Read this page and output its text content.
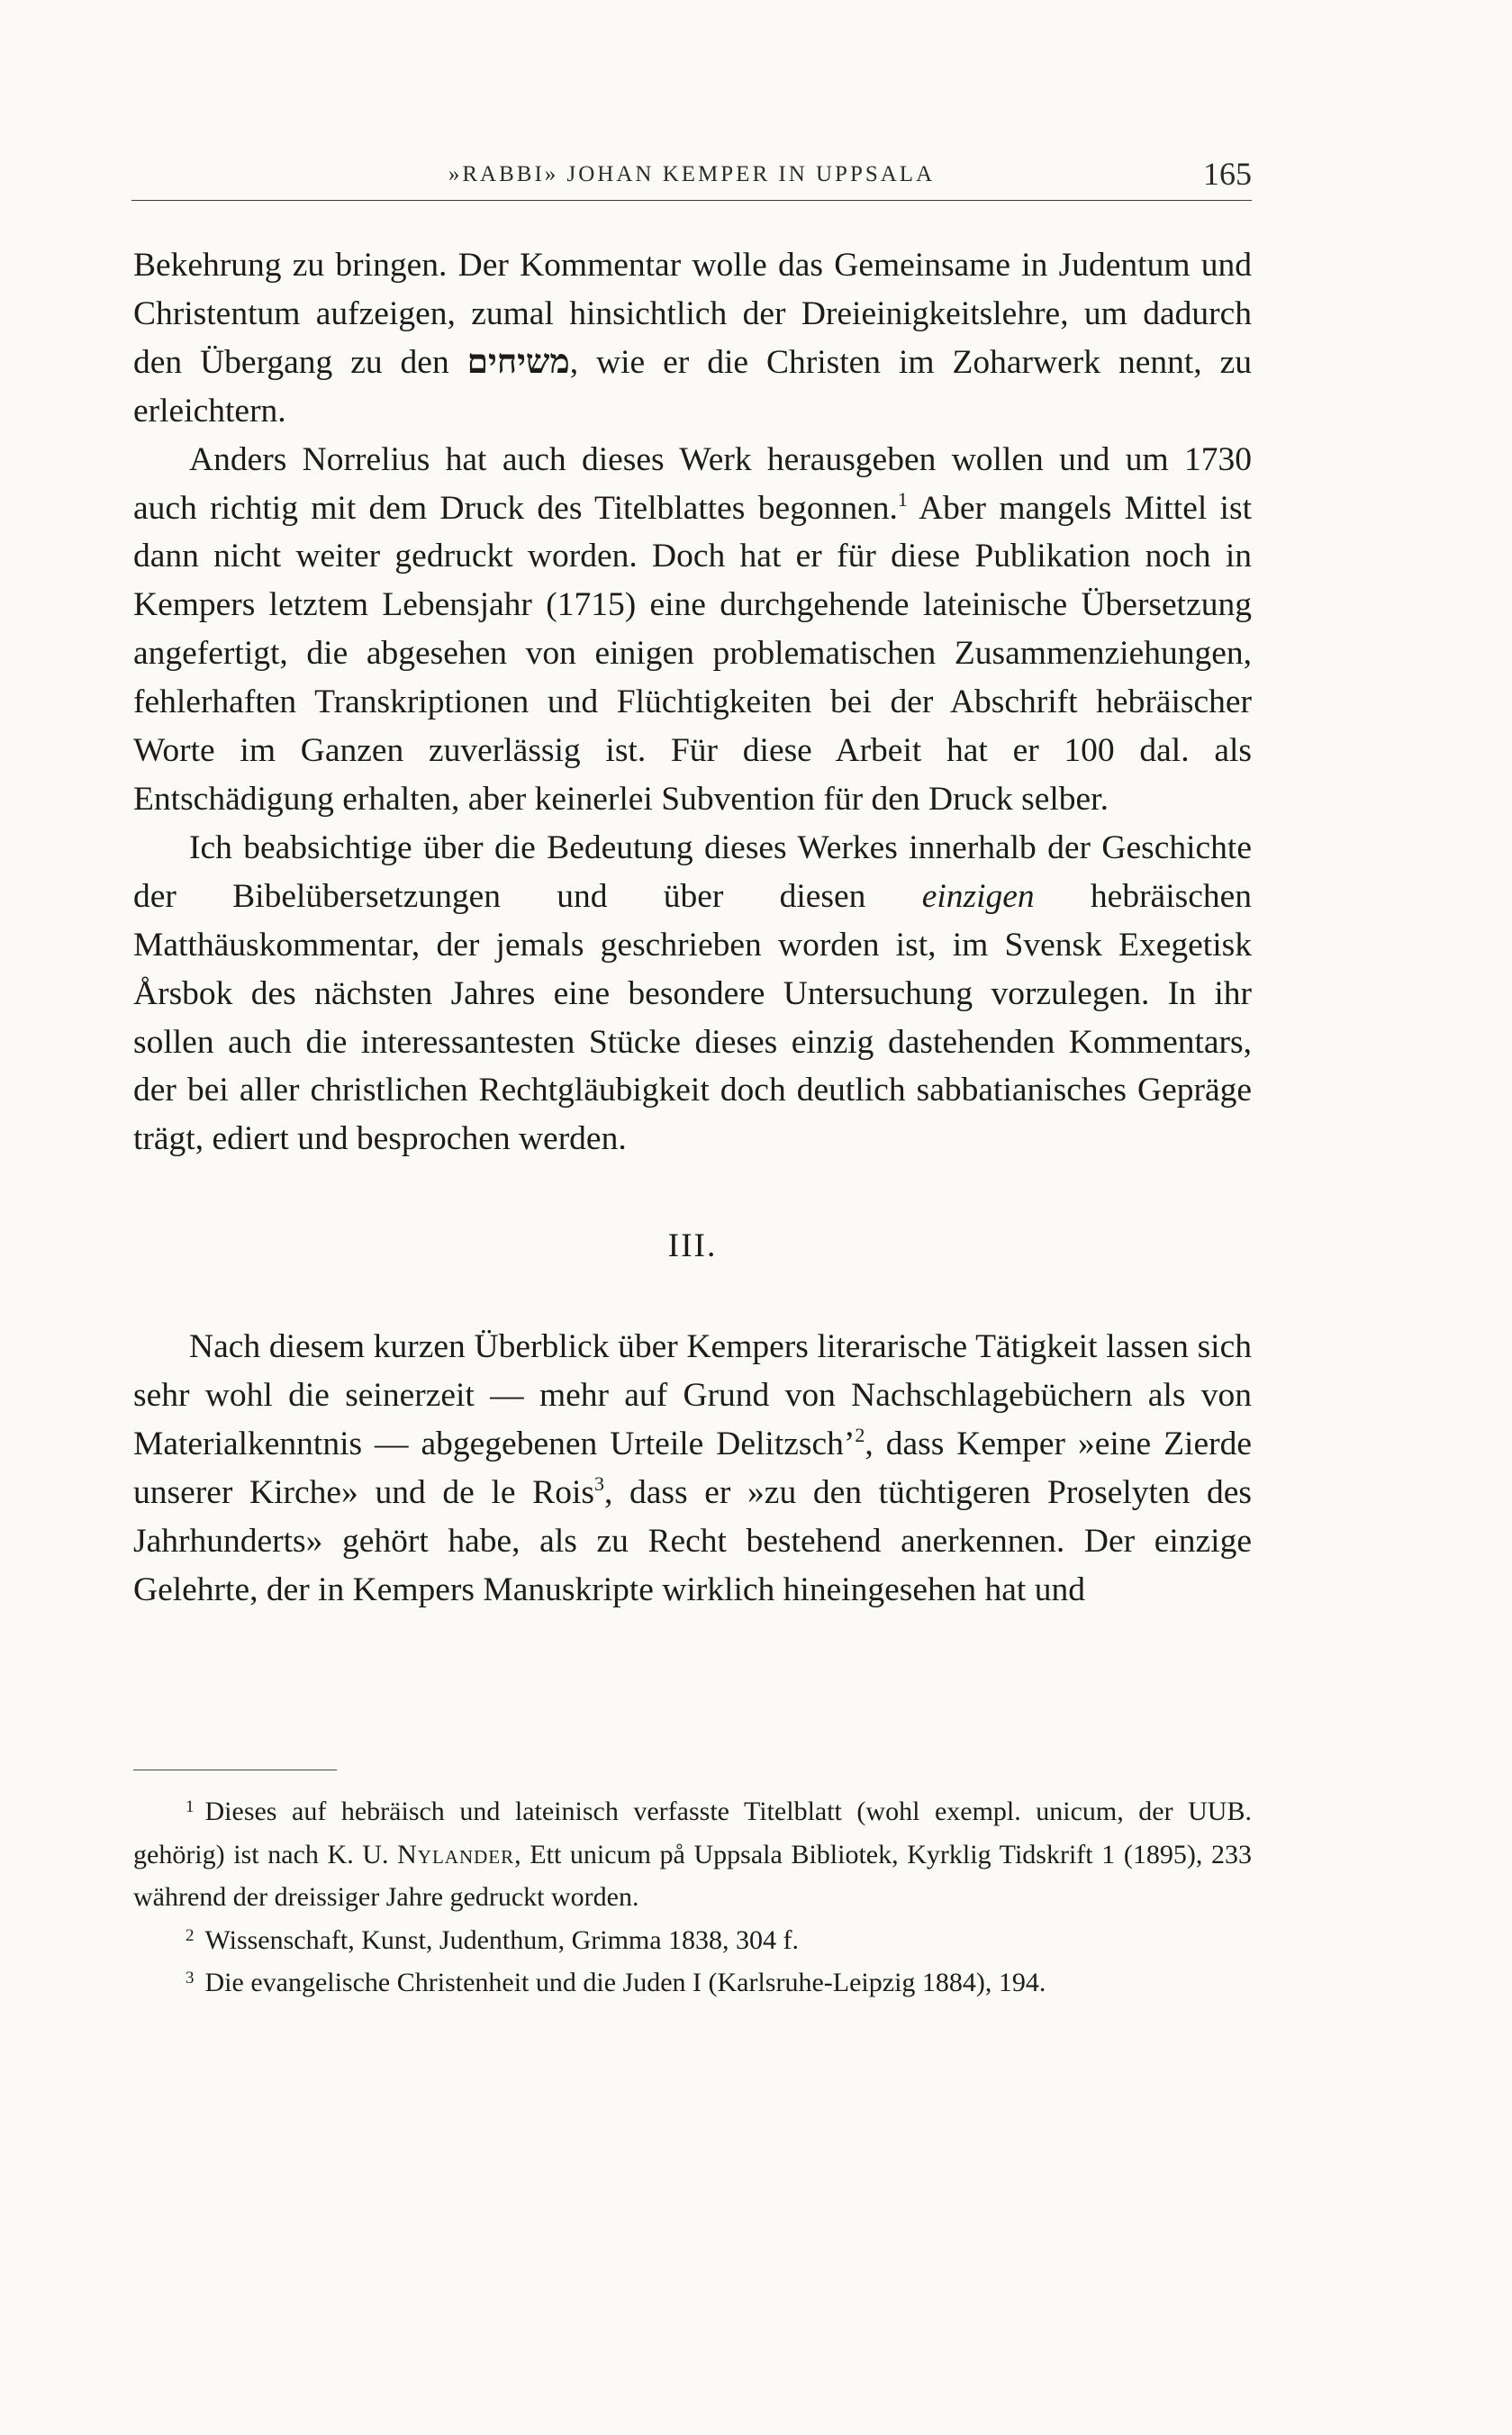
»RABBI» JOHAN KEMPER IN UPPSALA	165

Bekehrung zu bringen. Der Kommentar wolle das Gemeinsame in Judentum und Christentum aufzeigen, zumal hinsichtlich der Dreieinigkeitslehre, um dadurch den Übergang zu den משיחים, wie er die Christen im Zoharwerk nennt, zu erleichtern.

Anders Norrelius hat auch dieses Werk herausgeben wollen und um 1730 auch richtig mit dem Druck des Titelblattes begonnen.$^1$ Aber mangels Mittel ist dann nicht weiter gedruckt worden. Doch hat er für diese Publikation noch in Kempers letztem Lebensjahr (1715) eine durchgehende lateinische Übersetzung angefertigt, die abgesehen von einigen problematischen Zusammenziehungen, fehlerhaften Transkriptionen und Flüchtigkeiten bei der Abschrift hebräischer Worte im Ganzen zuverlässig ist. Für diese Arbeit hat er 100 dal. als Entschädigung erhalten, aber keinerlei Subvention für den Druck selber.

Ich beabsichtige über die Bedeutung dieses Werkes innerhalb der Geschichte der Bibelübersetzungen und über diesen einzigen hebräischen Matthäuskommentar, der jemals geschrieben worden ist, im Svensk Exegetisk Årsbok des nächsten Jahres eine besondere Untersuchung vorzulegen. In ihr sollen auch die interessantesten Stücke dieses einzig dastehenden Kommentars, der bei aller christlichen Rechtgläubigkeit doch deutlich sabbatianisches Gepräge trägt, ediert und besprochen werden.

III.

Nach diesem kurzen Überblick über Kempers literarische Tätigkeit lassen sich sehr wohl die seinerzeit — mehr auf Grund von Nachschlagebüchern als von Materialkenntnis — abgegebenen Urteile Delitzsch’$^2$, dass Kemper »eine Zierde unserer Kirche» und de le Rois$^3$, dass er »zu den tüchtigeren Proselyten des Jahrhunderts» gehört habe, als zu Recht bestehend anerkennen. Der einzige Gelehrte, der in Kempers Manuskripte wirklich hineingesehen hat und

$^1$ Dieses auf hebräisch und lateinisch verfasste Titelblatt (wohl exempl. unicum, der UUB. gehörig) ist nach K. U. Nylander, Ett unicum på Uppsala Bibliotek, Kyrklig Tidskrift 1 (1895), 233 während der dreissiger Jahre gedruckt worden.

$^2$ Wissenschaft, Kunst, Judenthum, Grimma 1838, 304 f.

$^3$ Die evangelische Christenheit und die Juden I (Karlsruhe-Leipzig 1884), 194.
